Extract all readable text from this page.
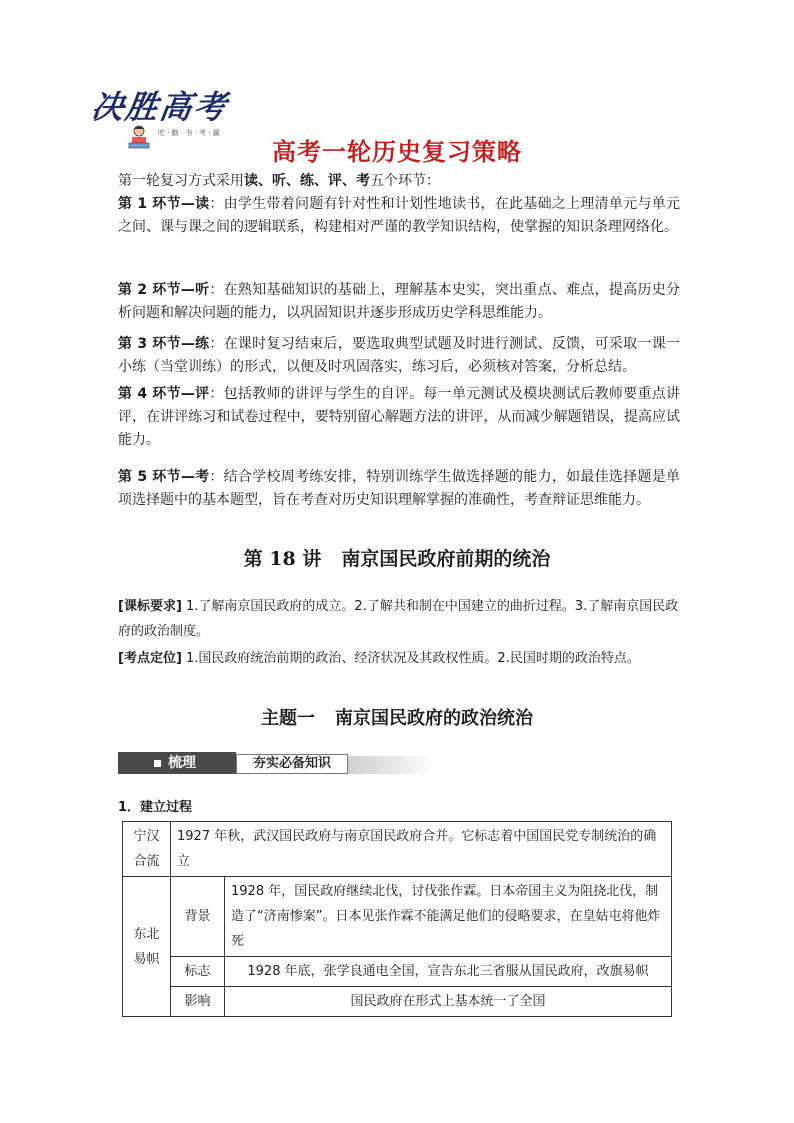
决胜高考
吃 · 勤 · 书 · 考 · 赢
高考一轮历史复习策略
第一轮复习方式采用读、听、练、评、考五个环节：
第 1 环节—读：由学生带着问题有针对性和计划性地读书，在此基础之上理清单元与单元之间、课与课之间的逻辑联系，构建相对严谨的教学知识结构，使掌握的知识条理网络化。
第 2 环节—听：在熟知基础知识的基础上，理解基本史实，突出重点、难点，提高历史分析问题和解决问题的能力，以巩固知识并逐步形成历史学科思维能力。
第 3 环节—练：在课时复习结束后，要选取典型试题及时进行测试、反馈，可采取一课一小练（当堂训练）的形式，以便及时巩固落实，练习后，必须核对答案，分析总结。
第 4 环节—评：包括教师的讲评与学生的自评。每一单元测试及模块测试后教师要重点讲评，在讲评练习和试卷过程中，要特别留心解题方法的讲评，从而减少解题错误，提高应试能力。
第 5 环节—考：结合学校周考练安排，特别训练学生做选择题的能力，如最佳选择题是单项选择题中的基本题型，旨在考查对历史知识理解掌握的准确性，考查辩证思维能力。
第 18 讲 南京国民政府前期的统治
[课标要求] 1.了解南京国民政府的成立。2.了解共和制在中国建立的曲折过程。3.了解南京国民政府的政治制度。
[考点定位] 1.国民政府统治前期的政治、经济状况及其政权性质。2.民国时期的政治特点。
主题一 南京国民政府的政治统治
梳理	夯实必备知识
1．建立过程
宁汉合流	1927 年秋，武汉国民政府与南京国民政府合并。它标志着中国国民党专制统治的确立	
东北易帜	背景	1928 年，国民政府继续北伐，讨伐张作霖。日本帝国主义为阻挠北伐，制造了“济南惨案”。日本见张作霖不能满足他们的侵略要求，在皇姑屯将他炸死
	标志	1928 年底，张学良通电全国，宣告东北三省服从国民政府，改旗易帜
	影响	国民政府在形式上基本统一了全国
